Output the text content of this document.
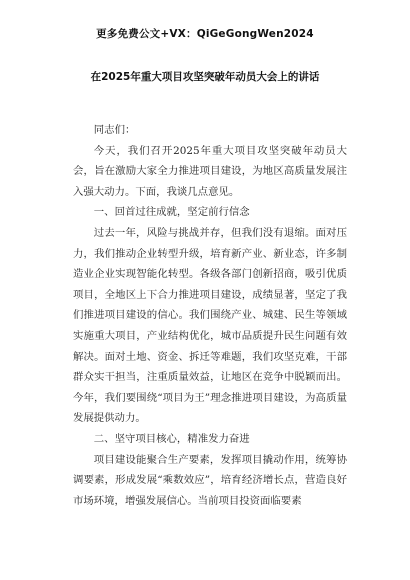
更多免费公文+VX：QiGeGongWen2024
在2025年重大项目攻坚突破年动员大会上的讲话

同志们：

今天，我们召开2025年重大项目攻坚突破年动员大会，旨在激励大家全力推进项目建设，为地区高质量发展注入强大动力。下面，我谈几点意见。

一、回首过往成就，坚定前行信念

过去一年，风险与挑战并存，但我们没有退缩。面对压力，我们推动企业转型升级，培育新产业、新业态，许多制造业企业实现智能化转型。各级各部门创新招商，吸引优质项目，全地区上下合力推进项目建设，成绩显著，坚定了我们推进项目建设的信心。我们围绕产业、城建、民生等领域实施重大项目，产业结构优化，城市品质提升民生问题有效解决。面对土地、资金、拆迁等难题，我们攻坚克难，干部群众实干担当，注重质量效益，让地区在竞争中脱颖而出。今年，我们要围绕“项目为王”理念推进项目建设，为高质量发展提供动力。

二、坚守项目核心，精准发力奋进

项目建设能聚合生产要素，发挥项目撬动作用，统筹协调要素，形成发展“乘数效应”，培育经济增长点，营造良好市场环境，增强发展信心。当前项目投资面临要素
